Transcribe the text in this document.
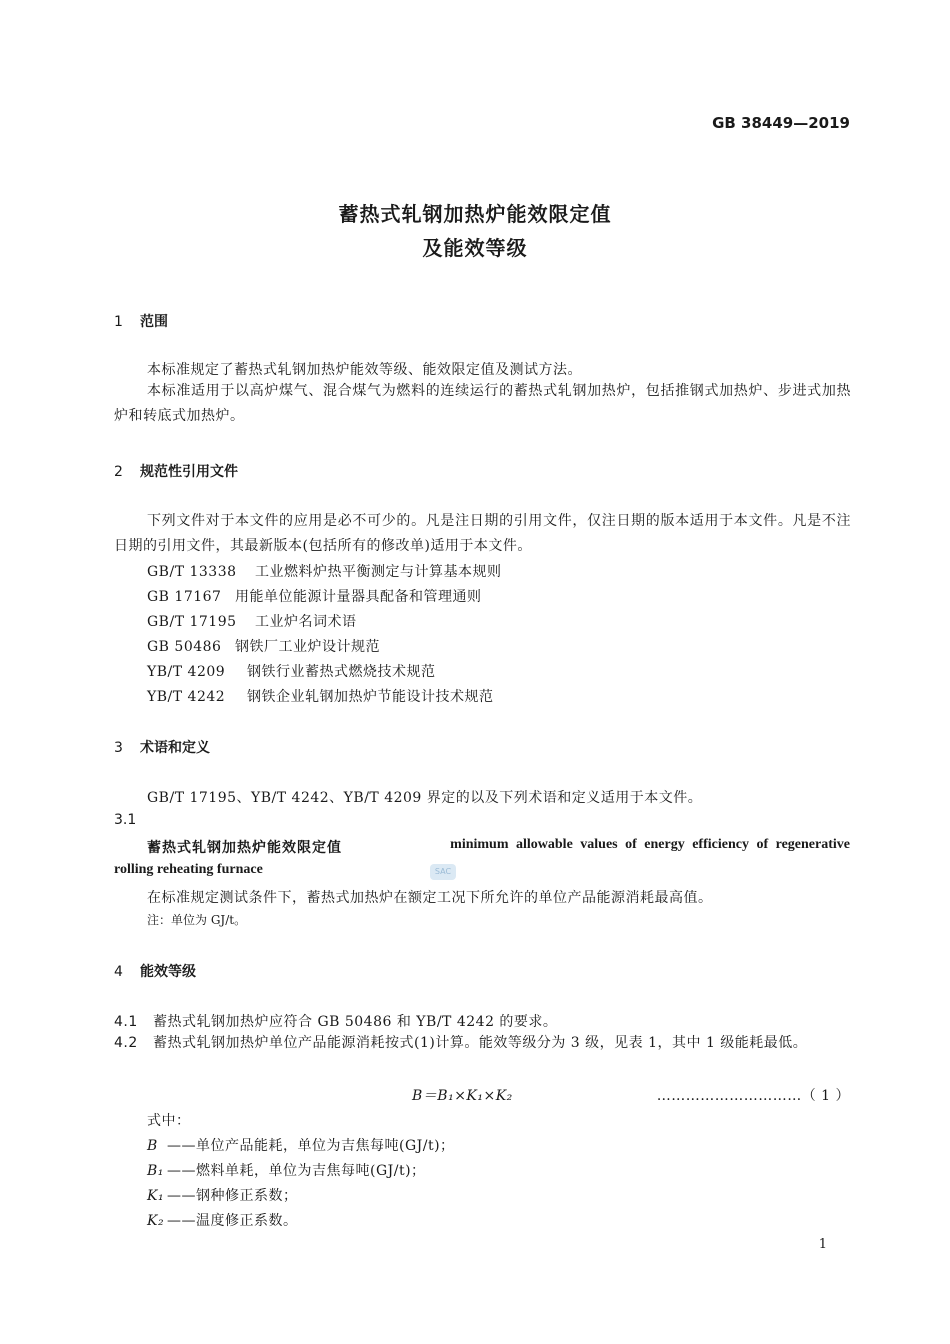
GB 38449—2019
蓄热式轧钢加热炉能效限定值
及能效等级
1 范围
本标准规定了蓄热式轧钢加热炉能效等级、能效限定值及测试方法。
本标准适用于以高炉煤气、混合煤气为燃料的连续运行的蓄热式轧钢加热炉，包括推钢式加热炉、步进式加热炉和转底式加热炉。
2 规范性引用文件
下列文件对于本文件的应用是必不可少的。凡是注日期的引用文件，仅注日期的版本适用于本文件。凡是不注日期的引用文件，其最新版本(包括所有的修改单)适用于本文件。
GB/T 13338 工业燃料炉热平衡测定与计算基本规则
GB 17167 用能单位能源计量器具配备和管理通则
GB/T 17195 工业炉名词术语
GB 50486 钢铁厂工业炉设计规范
YB/T 4209 钢铁行业蓄热式燃烧技术规范
YB/T 4242 钢铁企业轧钢加热炉节能设计技术规范
3 术语和定义
GB/T 17195、YB/T 4242、YB/T 4209 界定的以及下列术语和定义适用于本文件。
3.1
蓄热式轧钢加热炉能效限定值	minimum allowable values of energy efficiency of regenerative
rolling reheating furnace	SAC
在标准规定测试条件下，蓄热式加热炉在额定工况下所允许的单位产品能源消耗最高值。
注：单位为 GJ/t。
4 能效等级
4.1 蓄热式轧钢加热炉应符合 GB 50486 和 YB/T 4242 的要求。
4.2 蓄热式轧钢加热炉单位产品能源消耗按式(1)计算。能效等级分为 3 级，见表 1，其中 1 级能耗最低。
B＝B₁×K₁×K₂	…………………………（ 1 ）
式中：
B ——单位产品能耗，单位为吉焦每吨(GJ/t)；
B₁ ——燃料单耗，单位为吉焦每吨(GJ/t)；
K₁ ——钢种修正系数；
K₂ ——温度修正系数。
1
